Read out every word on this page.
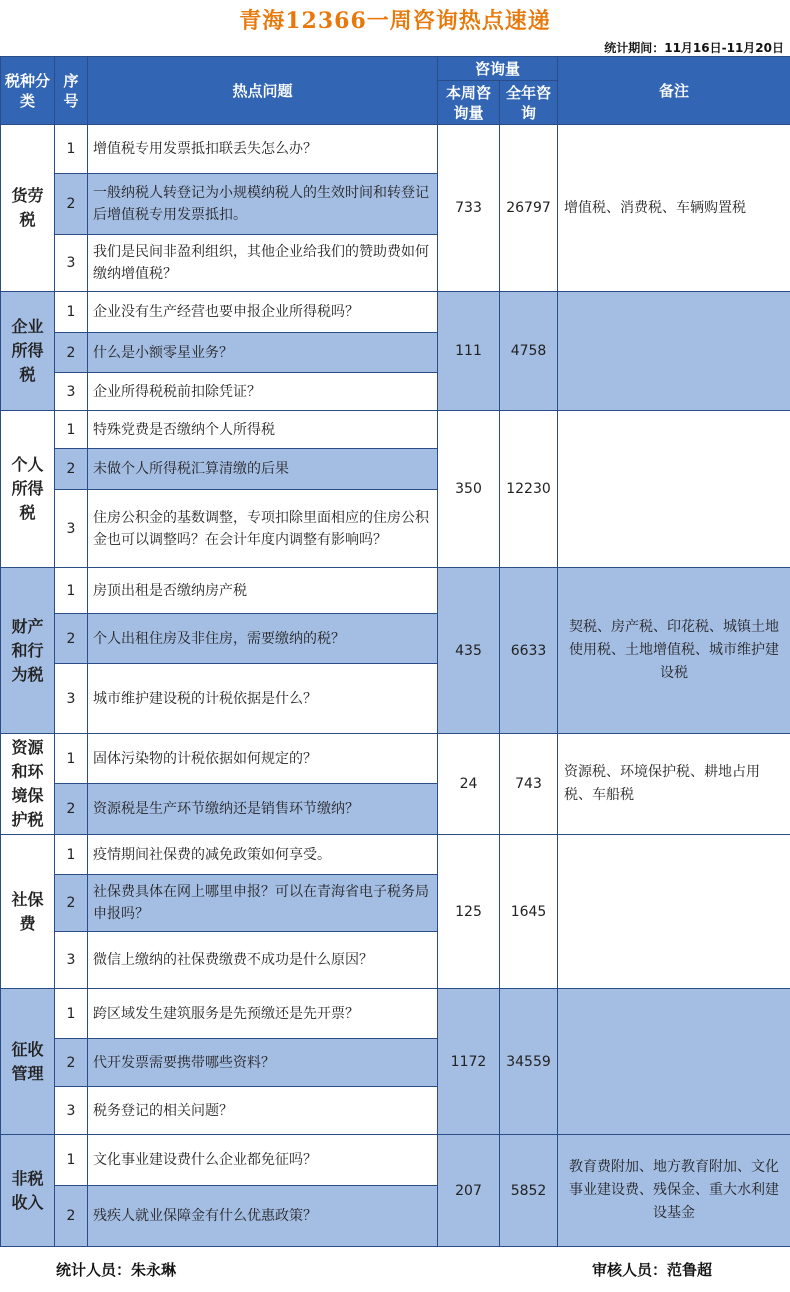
青海12366一周咨询热点速递
统计期间：11月16日-11月20日
税种分类	序号	热点问题	咨询量		备注
			本周咨询量	全年咨询	
货劳税	1	增值税专用发票抵扣联丢失怎么办？	733	26797	增值税、消费税、车辆购置税
	2	一般纳税人转登记为小规模纳税人的生效时间和转登记后增值税专用发票抵扣。			
	3	我们是民间非盈利组织，其他企业给我们的赞助费如何缴纳增值税？			
企业所得税	1	企业没有生产经营也要申报企业所得税吗？	111	4758	
	2	什么是小额零星业务？			
	3	企业所得税税前扣除凭证？			
个人所得税	1	特殊党费是否缴纳个人所得税	350	12230	
	2	未做个人所得税汇算清缴的后果			
	3	住房公积金的基数调整，专项扣除里面相应的住房公积金也可以调整吗？在会计年度内调整有影响吗？			
财产和行为税	1	房顶出租是否缴纳房产税	435	6633	契税、房产税、印花税、城镇土地使用税、土地增值税、城市维护建设税
	2	个人出租住房及非住房，需要缴纳的税？			
	3	城市维护建设税的计税依据是什么？			
资源和环境保护税	1	固体污染物的计税依据如何规定的？	24	743	资源税、环境保护税、耕地占用税、车船税
	2	资源税是生产环节缴纳还是销售环节缴纳？			
社保费	1	疫情期间社保费的减免政策如何享受。	125	1645	
	2	社保费具体在网上哪里申报？可以在青海省电子税务局申报吗？			
	3	微信上缴纳的社保费缴费不成功是什么原因？			
征收管理	1	跨区域发生建筑服务是先预缴还是先开票？	1172	34559	
	2	代开发票需要携带哪些资料？			
	3	税务登记的相关问题？			
非税收入	1	文化事业建设费什么企业都免征吗？	207	5852	教育费附加、地方教育附加、文化事业建设费、残保金、重大水利建设基金
	2	残疾人就业保障金有什么优惠政策？			
统计人员：朱永琳	审核人员：范鲁超
